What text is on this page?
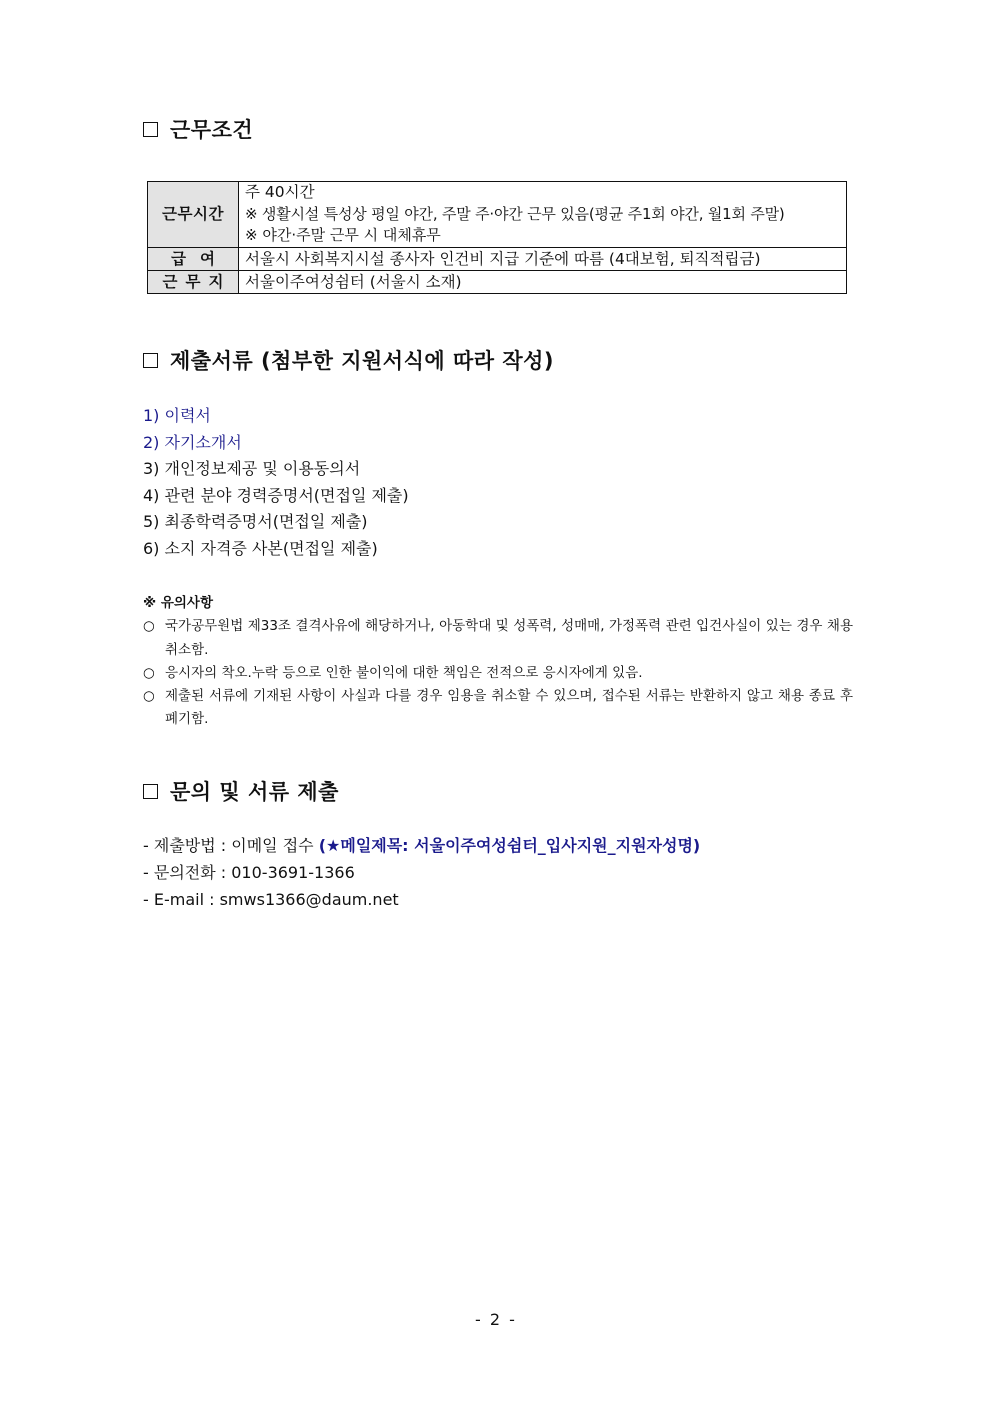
근무조건
근무시간	주 40시간
※ 생활시설 특성상 평일 야간, 주말 주·야간 근무 있음(평균 주1회 야간, 월1회 주말)
※ 야간·주말 근무 시 대체휴무

급여	서울시 사회복지시설 종사자 인건비 지급 기준에 따름 (4대보험, 퇴직적립금)
근무지	서울이주여성쉼터 (서울시 소재)
제출서류 (첨부한 지원서식에 따라 작성)
1) 이력서
2) 자기소개서
3) 개인정보제공 및 이용동의서
4) 관련 분야 경력증명서(면접일 제출)
5) 최종학력증명서(면접일 제출)
6) 소지 자격증 사본(면접일 제출)
※ 유의사항
○ 국가공무원법 제33조 결격사유에 해당하거나, 아동학대 및 성폭력, 성매매, 가정폭력 관련 입건사실이 있는 경우 채용 취소함.
○ 응시자의 착오.누락 등으로 인한 불이익에 대한 책임은 전적으로 응시자에게 있음.
○ 제출된 서류에 기재된 사항이 사실과 다를 경우 임용을 취소할 수 있으며, 접수된 서류는 반환하지 않고 채용 종료 후 폐기함.
문의 및 서류 제출
- 제출방법 : 이메일 접수 (★메일제목: 서울이주여성쉼터_입사지원_지원자성명)
- 문의전화 : 010-3691-1366
- E-mail : smws1366@daum.net
- 2 -
